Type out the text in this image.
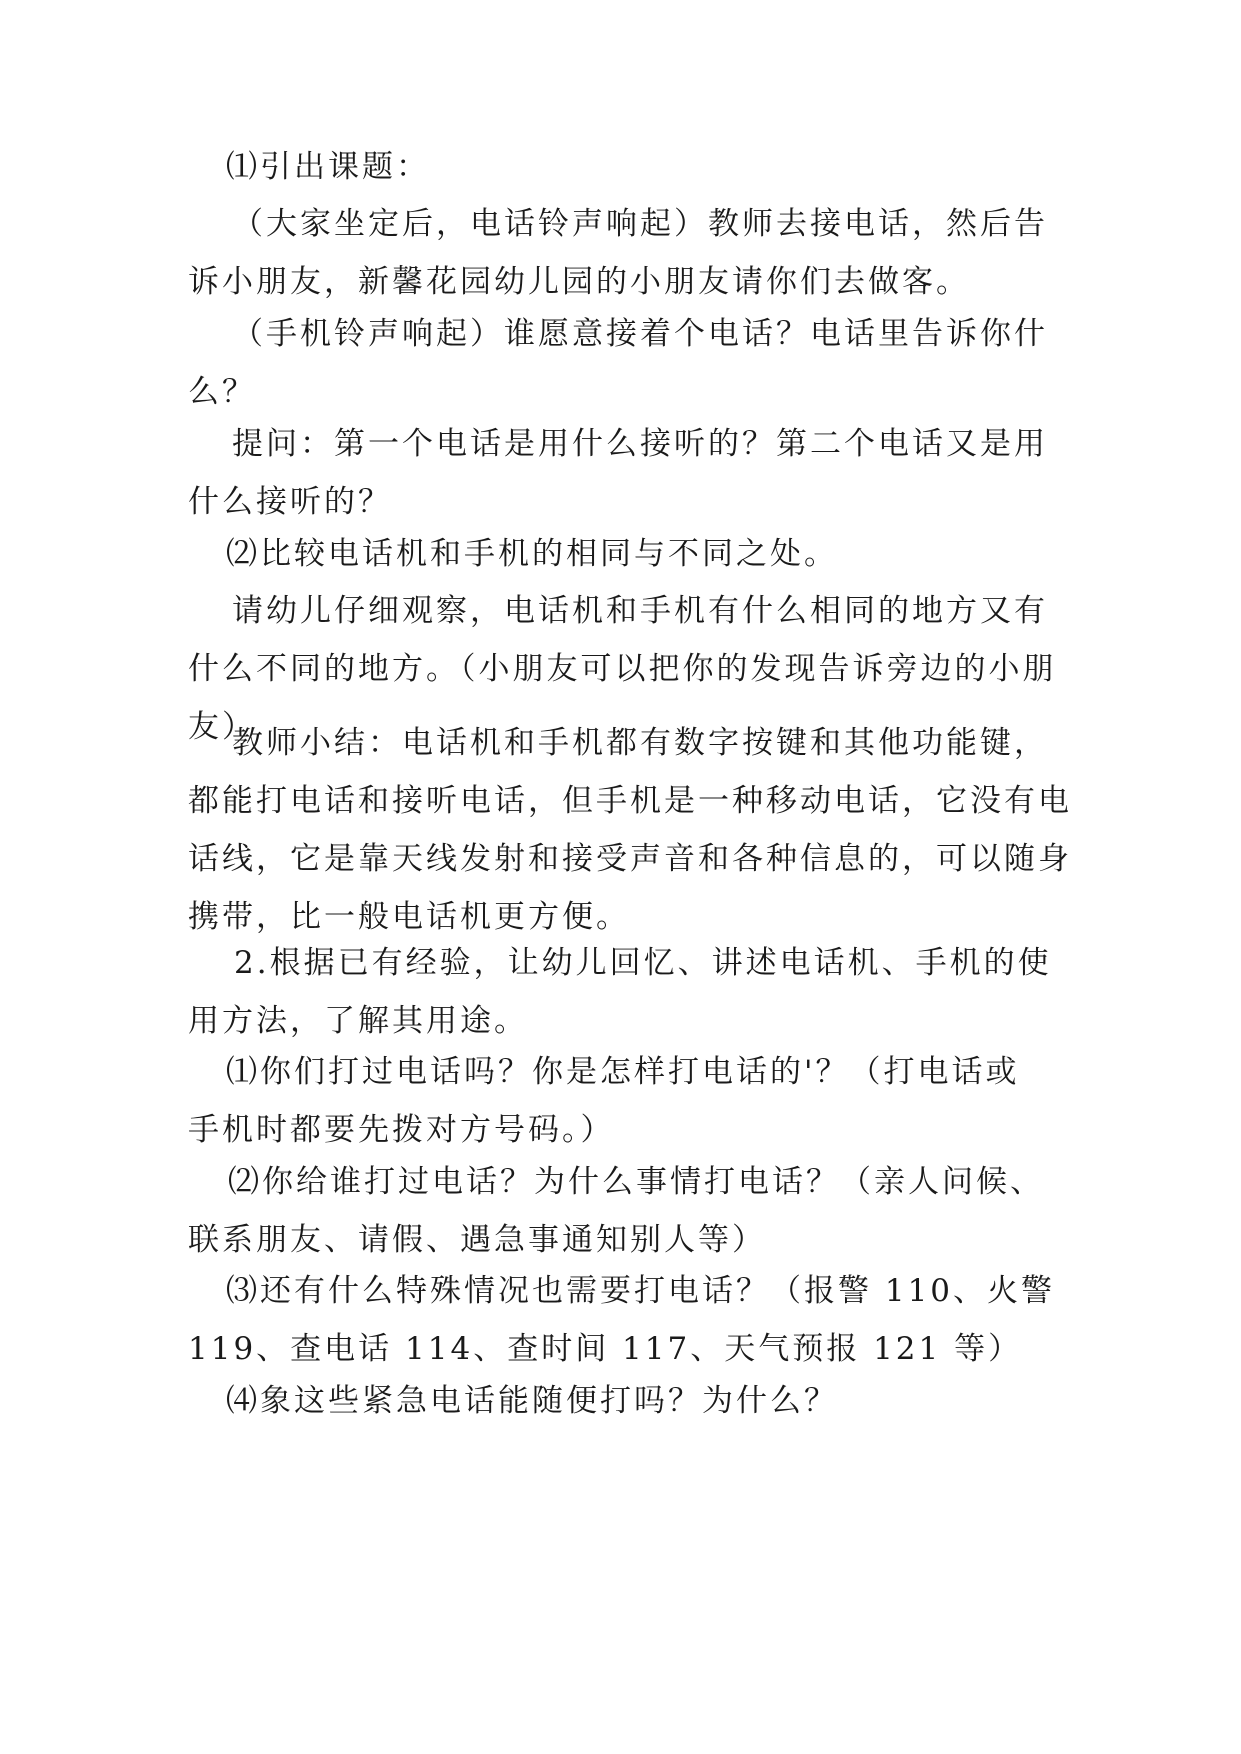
⑴引出课题：

（大家坐定后，电话铃声响起）教师去接电话，然后告
诉小朋友，新馨花园幼儿园的小朋友请你们去做客。

（手机铃声响起）谁愿意接着个电话？电话里告诉你什
么？

提问：第一个电话是用什么接听的？第二个电话又是用
什么接听的？

⑵比较电话机和手机的相同与不同之处。

请幼儿仔细观察，电话机和手机有什么相同的地方又有
什么不同的地方。（小朋友可以把你的发现告诉旁边的小朋
友）

教师小结：电话机和手机都有数字按键和其他功能键，
都能打电话和接听电话，但手机是一种移动电话，它没有电
话线，它是靠天线发射和接受声音和各种信息的，可以随身
携带，比一般电话机更方便。

2.根据已有经验，让幼儿回忆、讲述电话机、手机的使
用方法，了解其用途。

⑴你们打过电话吗？你是怎样打电话的'？（打电话或
手机时都要先拨对方号码。）

⑵你给谁打过电话？为什么事情打电话？（亲人问候、
联系朋友、请假、遇急事通知别人等）

⑶还有什么特殊情况也需要打电话？（报警 110、火警
119、查电话 114、查时间 117、天气预报 121 等）

⑷象这些紧急电话能随便打吗？为什么？
